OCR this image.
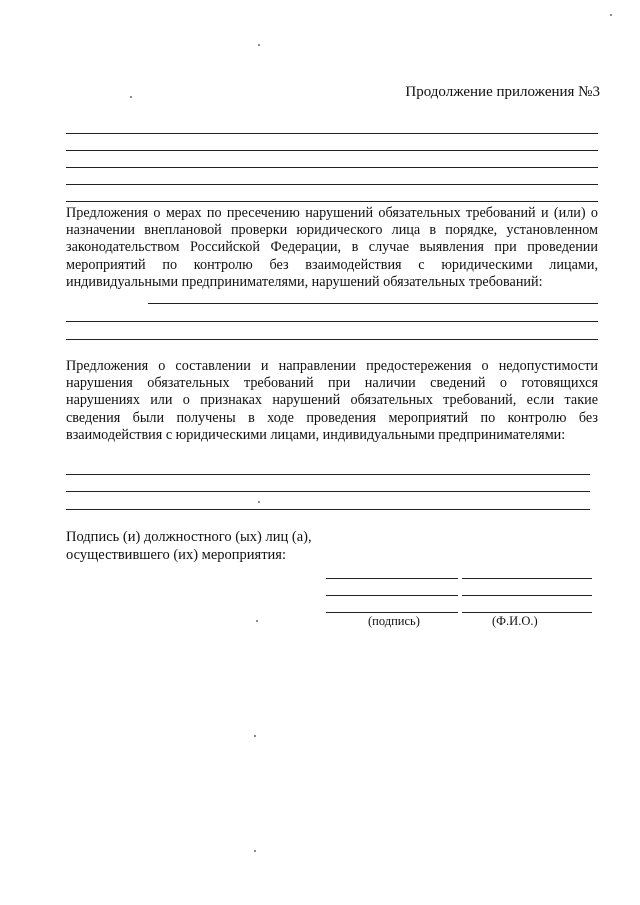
Продолжение приложения №3
Предложения о мерах по пресечению нарушений обязательных требований и (или) о назначении внеплановой проверки юридического лица в порядке, установленном законодательством Российской Федерации, в случае выявления при проведении мероприятий по контролю без взаимодействия с юридическими лицами, индивидуальными предпринимателями, нарушений обязательных требований:
Предложения о составлении и направлении предостережения о недопустимости нарушения обязательных требований при наличии сведений о готовящихся нарушениях или о признаках нарушений обязательных требований, если такие сведения были получены в ходе проведения мероприятий по контролю без взаимодействия с юридическими лицами, индивидуальными предпринимателями:
Подпись (и) должностного (ых) лиц (а),
осуществившего (их) мероприятия:
(подпись)	(Ф.И.О.)
